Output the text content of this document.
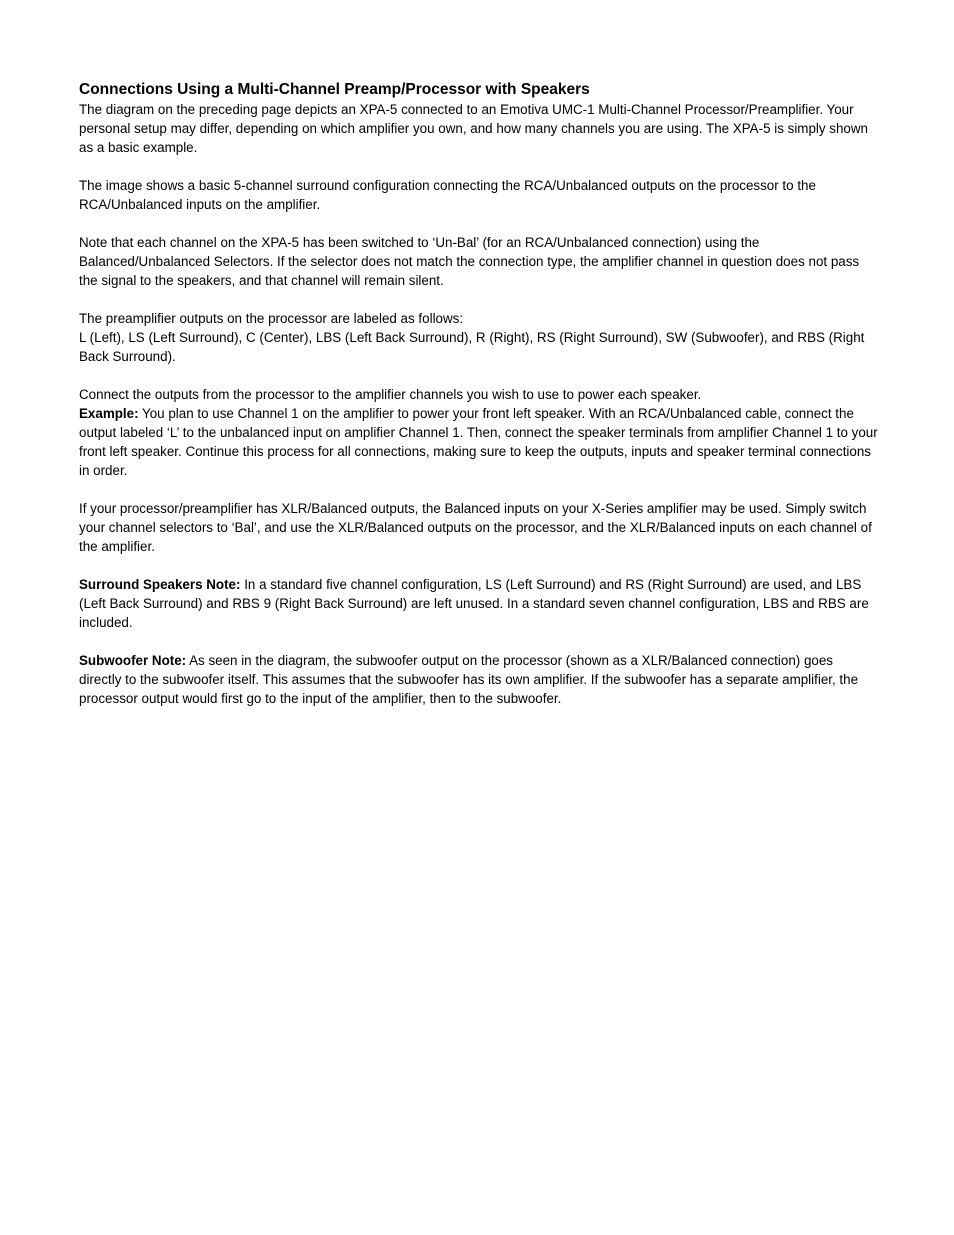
Connections Using a Multi-Channel Preamp/Processor with Speakers

The diagram on the preceding page depicts an XPA-5 connected to an Emotiva UMC-1 Multi-Channel Processor/Preamplifier. Your personal setup may differ, depending on which amplifier you own, and how many channels you are using. The XPA-5 is simply shown as a basic example.

The image shows a basic 5-channel surround configuration connecting the RCA/Unbalanced outputs on the processor to the RCA/Unbalanced inputs on the amplifier.

Note that each channel on the XPA-5 has been switched to ‘Un-Bal’ (for an RCA/Unbalanced connection) using the Balanced/Unbalanced Selectors. If the selector does not match the connection type, the amplifier channel in question does not pass the signal to the speakers, and that channel will remain silent.

The preamplifier outputs on the processor are labeled as follows:
L (Left), LS (Left Surround), C (Center), LBS (Left Back Surround), R (Right), RS (Right Surround), SW (Subwoofer), and RBS (Right Back Surround).

Connect the outputs from the processor to the amplifier channels you wish to use to power each speaker.
Example: You plan to use Channel 1 on the amplifier to power your front left speaker. With an RCA/Unbalanced cable, connect the output labeled ‘L’ to the unbalanced input on amplifier Channel 1. Then, connect the speaker terminals from amplifier Channel 1 to your front left speaker. Continue this process for all connections, making sure to keep the outputs, inputs and speaker terminal connections in order.

If your processor/preamplifier has XLR/Balanced outputs, the Balanced inputs on your X-Series amplifier may be used. Simply switch your channel selectors to ‘Bal’, and use the XLR/Balanced outputs on the processor, and the XLR/Balanced inputs on each channel of the amplifier.

Surround Speakers Note: In a standard five channel configuration, LS (Left Surround) and RS (Right Surround) are used, and LBS (Left Back Surround) and RBS 9 (Right Back Surround) are left unused. In a standard seven channel configuration, LBS and RBS are included.

Subwoofer Note: As seen in the diagram, the subwoofer output on the processor (shown as a XLR/Balanced connection) goes directly to the subwoofer itself. This assumes that the subwoofer has its own amplifier. If the subwoofer has a separate amplifier, the processor output would first go to the input of the amplifier, then to the subwoofer.
